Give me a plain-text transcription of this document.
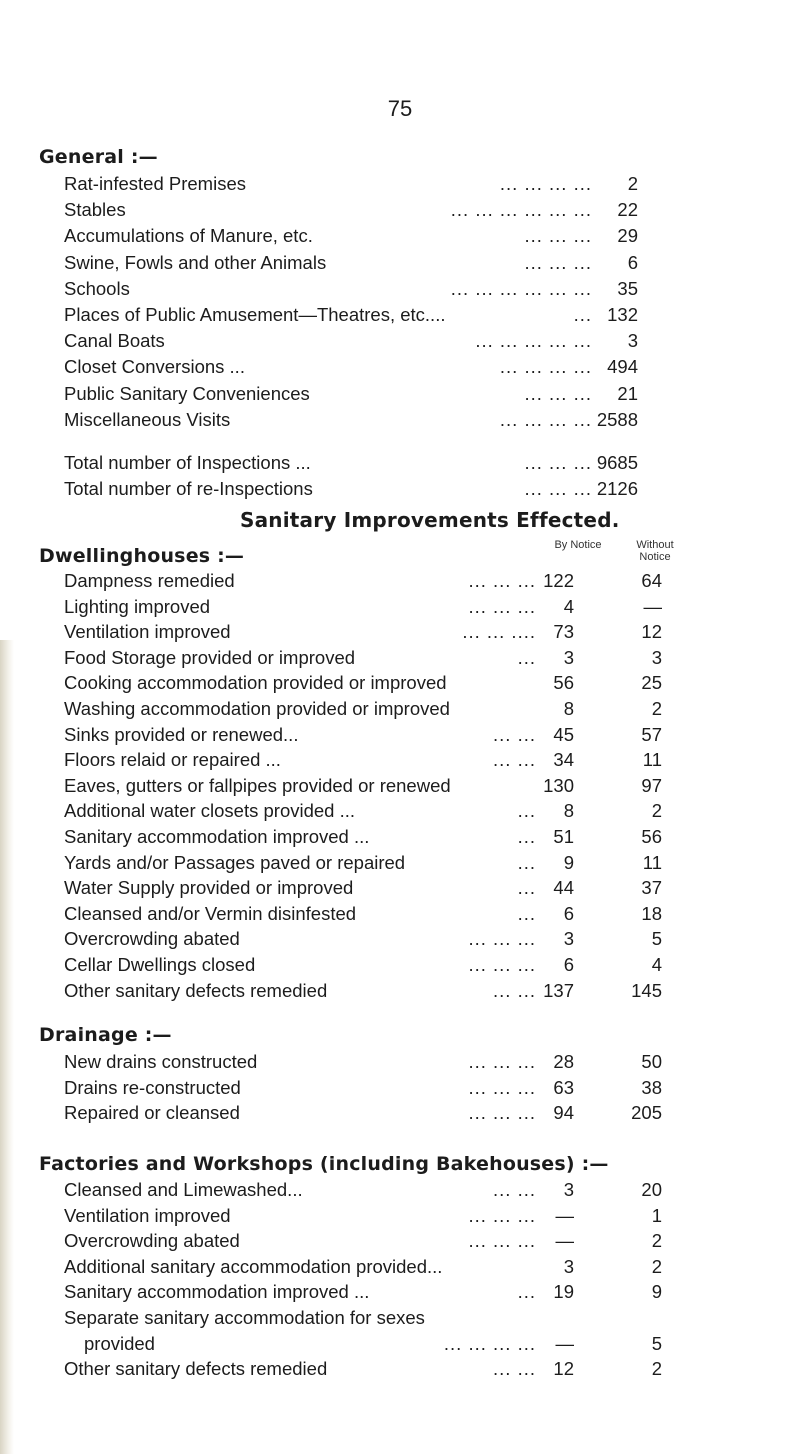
75
General :—
Rat-infested Premises	... ... ... ... 2
Stables	... ... ... ... ... ... 22
Accumulations of Manure, etc.	... ... ... 29
Swine, Fowls and other Animals	... ... ... 6
Schools	... ... ... ... ... ... 35
Places of Public Amusement—Theatres, etc....	... 132
Canal Boats	... ... ... ... ... 3
Closet Conversions ...	... ... ... ... 494
Public Sanitary Conveniences	... ... ... 21
Miscellaneous Visits	... ... ... ... 2588
Total number of Inspections ...	... ... ... 9685
Total number of re-Inspections	... ... ... 2126
Sanitary Improvements Effected.
Dwellinghouses :—	By Notice	Without Notice
Dampness remedied	... ... ... 122	64
Lighting improved	... ... ... 4	—
Ventilation improved	.... ... ... 73	12
Food Storage provided or improved	... 3	3
Cooking accommodation provided or improved	56	25
Washing accommodation provided or improved	8	2
Sinks provided or renewed...	... ... 45	57
Floors relaid or repaired ...	... ... 34	11
Eaves, gutters or fallpipes provided or renewed	130	97
Additional water closets provided ...	... 8	2
Sanitary accommodation improved ...	... 51	56
Yards and/or Passages paved or repaired	... 9	11
Water Supply provided or improved	... 44	37
Cleansed and/or Vermin disinfested	... 6	18
Overcrowding abated	... ... ... 3	5
Cellar Dwellings closed	... ... ... 6	4
Other sanitary defects remedied	... ... 137	145
Drainage :—
New drains constructed	... ... ... 28	50
Drains re-constructed	... ... ... 63	38
Repaired or cleansed	... ... ... 94	205
Factories and Workshops (including Bakehouses) :—
Cleansed and Limewashed...	... ... 3	20
Ventilation improved	... ... ... —	1
Overcrowding abated	... ... ... —	2
Additional sanitary accommodation provided...	3	2
Sanitary accommodation improved ...	... 19	9
Separate sanitary accommodation for sexes
provided	... ... ... ... —	5
Other sanitary defects remedied	... ... 12	2
